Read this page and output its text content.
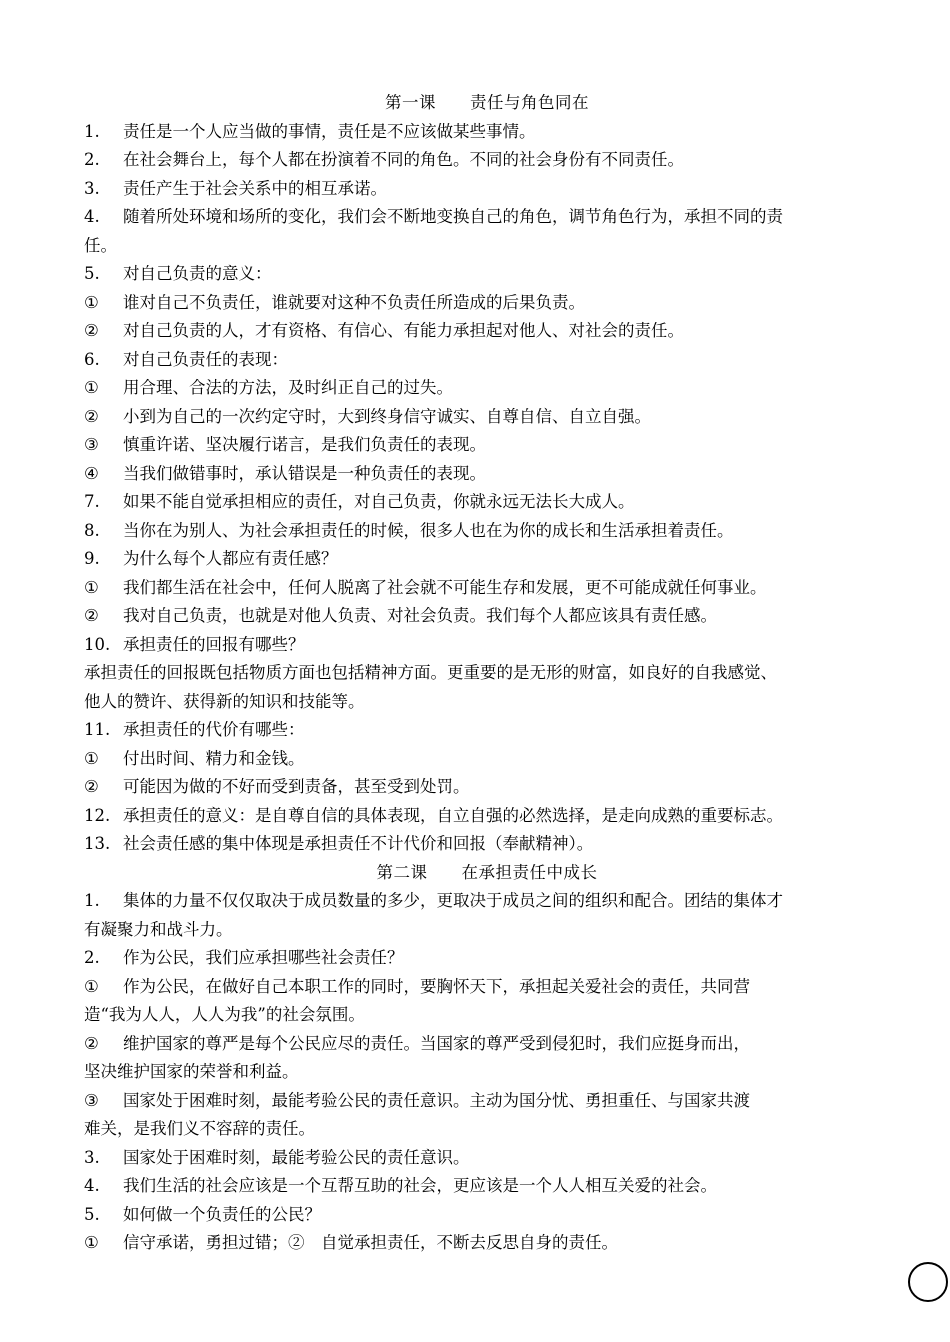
第一课　　责任与角色同在
1. 责任是一个人应当做的事情，责任是不应该做某些事情。
2. 在社会舞台上，每个人都在扮演着不同的角色。不同的社会身份有不同责任。
3. 责任产生于社会关系中的相互承诺。
4. 随着所处环境和场所的变化，我们会不断地变换自己的角色，调节角色行为，承担不同的责
任。
5. 对自己负责的意义：
① 谁对自己不负责任，谁就要对这种不负责任所造成的后果负责。
② 对自己负责的人，才有资格、有信心、有能力承担起对他人、对社会的责任。
6. 对自己负责任的表现：
① 用合理、合法的方法，及时纠正自己的过失。
② 小到为自己的一次约定守时，大到终身信守诚实、自尊自信、自立自强。
③ 慎重许诺、坚决履行诺言，是我们负责任的表现。
④ 当我们做错事时，承认错误是一种负责任的表现。
7. 如果不能自觉承担相应的责任，对自己负责，你就永远无法长大成人。
8. 当你在为别人、为社会承担责任的时候，很多人也在为你的成长和生活承担着责任。
9. 为什么每个人都应有责任感？
① 我们都生活在社会中，任何人脱离了社会就不可能生存和发展，更不可能成就任何事业。
② 我对自己负责，也就是对他人负责、对社会负责。我们每个人都应该具有责任感。
10. 承担责任的回报有哪些？
承担责任的回报既包括物质方面也包括精神方面。更重要的是无形的财富，如良好的自我感觉、
他人的赞许、获得新的知识和技能等。
11. 承担责任的代价有哪些：
① 付出时间、精力和金钱。
② 可能因为做的不好而受到责备，甚至受到处罚。
12. 承担责任的意义：是自尊自信的具体表现，自立自强的必然选择，是走向成熟的重要标志。
13. 社会责任感的集中体现是承担责任不计代价和回报（奉献精神）。
第二课　　在承担责任中成长
1. 集体的力量不仅仅取决于成员数量的多少，更取决于成员之间的组织和配合。团结的集体才
有凝聚力和战斗力。
2. 作为公民，我们应承担哪些社会责任？
① 作为公民，在做好自己本职工作的同时，要胸怀天下，承担起关爱社会的责任，共同营
造“我为人人，人人为我”的社会氛围。
② 维护国家的尊严是每个公民应尽的责任。当国家的尊严受到侵犯时，我们应挺身而出，
坚决维护国家的荣誉和利益。
③ 国家处于困难时刻，最能考验公民的责任意识。主动为国分忧、勇担重任、与国家共渡
难关，是我们义不容辞的责任。
3. 国家处于困难时刻，最能考验公民的责任意识。
4. 我们生活的社会应该是一个互帮互助的社会，更应该是一个人人相互关爱的社会。
5. 如何做一个负责任的公民？
① 信守承诺，勇担过错；②　自觉承担责任，不断去反思自身的责任。
